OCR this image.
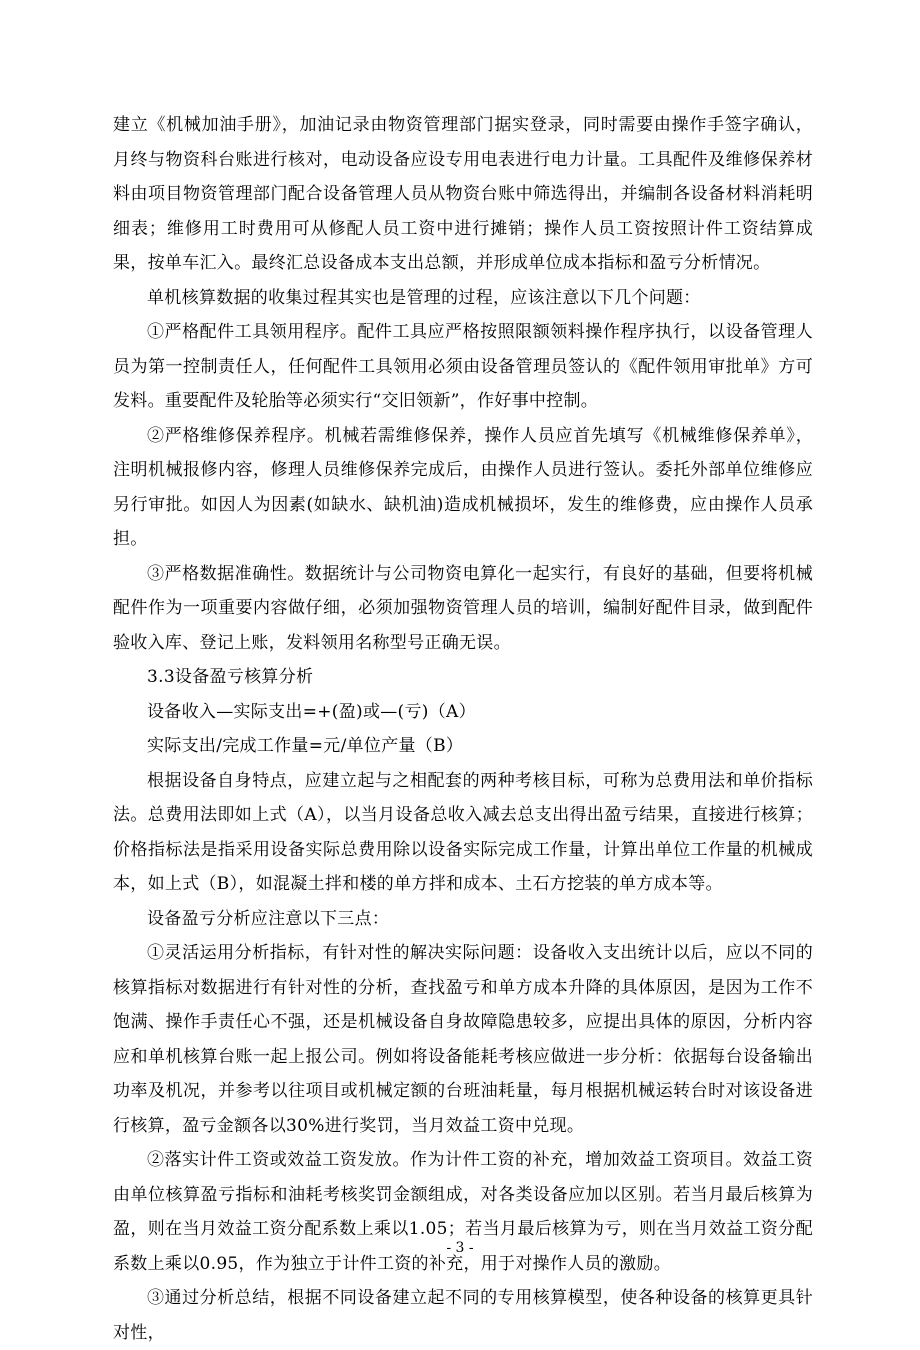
建立《机械加油手册》，加油记录由物资管理部门据实登录，同时需要由操作手签字确认，月终与物资科台账进行核对，电动设备应设专用电表进行电力计量。工具配件及维修保养材料由项目物资管理部门配合设备管理人员从物资台账中筛选得出，并编制各设备材料消耗明细表；维修用工时费用可从修配人员工资中进行摊销；操作人员工资按照计件工资结算成果，按单车汇入。最终汇总设备成本支出总额，并形成单位成本指标和盈亏分析情况。

单机核算数据的收集过程其实也是管理的过程，应该注意以下几个问题：

①严格配件工具领用程序。配件工具应严格按照限额领料操作程序执行，以设备管理人员为第一控制责任人，任何配件工具领用必须由设备管理员签认的《配件领用审批单》方可发料。重要配件及轮胎等必须实行“交旧领新”，作好事中控制。

②严格维修保养程序。机械若需维修保养，操作人员应首先填写《机械维修保养单》，注明机械报修内容，修理人员维修保养完成后，由操作人员进行签认。委托外部单位维修应另行审批。如因人为因素(如缺水、缺机油)造成机械损坏，发生的维修费，应由操作人员承担。

③严格数据准确性。数据统计与公司物资电算化一起实行，有良好的基础，但要将机械配件作为一项重要内容做仔细，必须加强物资管理人员的培训，编制好配件目录，做到配件验收入库、登记上账，发料领用名称型号正确无误。

3.3设备盈亏核算分析

设备收入—实际支出=+(盈)或—(亏)（A）

实际支出/完成工作量=元/单位产量（B）

根据设备自身特点，应建立起与之相配套的两种考核目标，可称为总费用法和单价指标法。总费用法即如上式（A），以当月设备总收入减去总支出得出盈亏结果，直接进行核算；价格指标法是指采用设备实际总费用除以设备实际完成工作量，计算出单位工作量的机械成本，如上式（B），如混凝土拌和楼的单方拌和成本、土石方挖装的单方成本等。

设备盈亏分析应注意以下三点：

①灵活运用分析指标，有针对性的解决实际问题：设备收入支出统计以后，应以不同的核算指标对数据进行有针对性的分析，查找盈亏和单方成本升降的具体原因，是因为工作不饱满、操作手责任心不强，还是机械设备自身故障隐患较多，应提出具体的原因，分析内容应和单机核算台账一起上报公司。例如将设备能耗考核应做进一步分析：依据每台设备输出功率及机况，并参考以往项目或机械定额的台班油耗量，每月根据机械运转台时对该设备进行核算，盈亏金额各以30%进行奖罚，当月效益工资中兑现。

②落实计件工资或效益工资发放。作为计件工资的补充，增加效益工资项目。效益工资由单位核算盈亏指标和油耗考核奖罚金额组成，对各类设备应加以区别。若当月最后核算为盈，则在当月效益工资分配系数上乘以1.05；若当月最后核算为亏，则在当月效益工资分配系数上乘以0.95，作为独立于计件工资的补充，用于对操作人员的激励。

③通过分析总结，根据不同设备建立起不同的专用核算模型，使各种设备的核算更具针对性，

- 3 -
